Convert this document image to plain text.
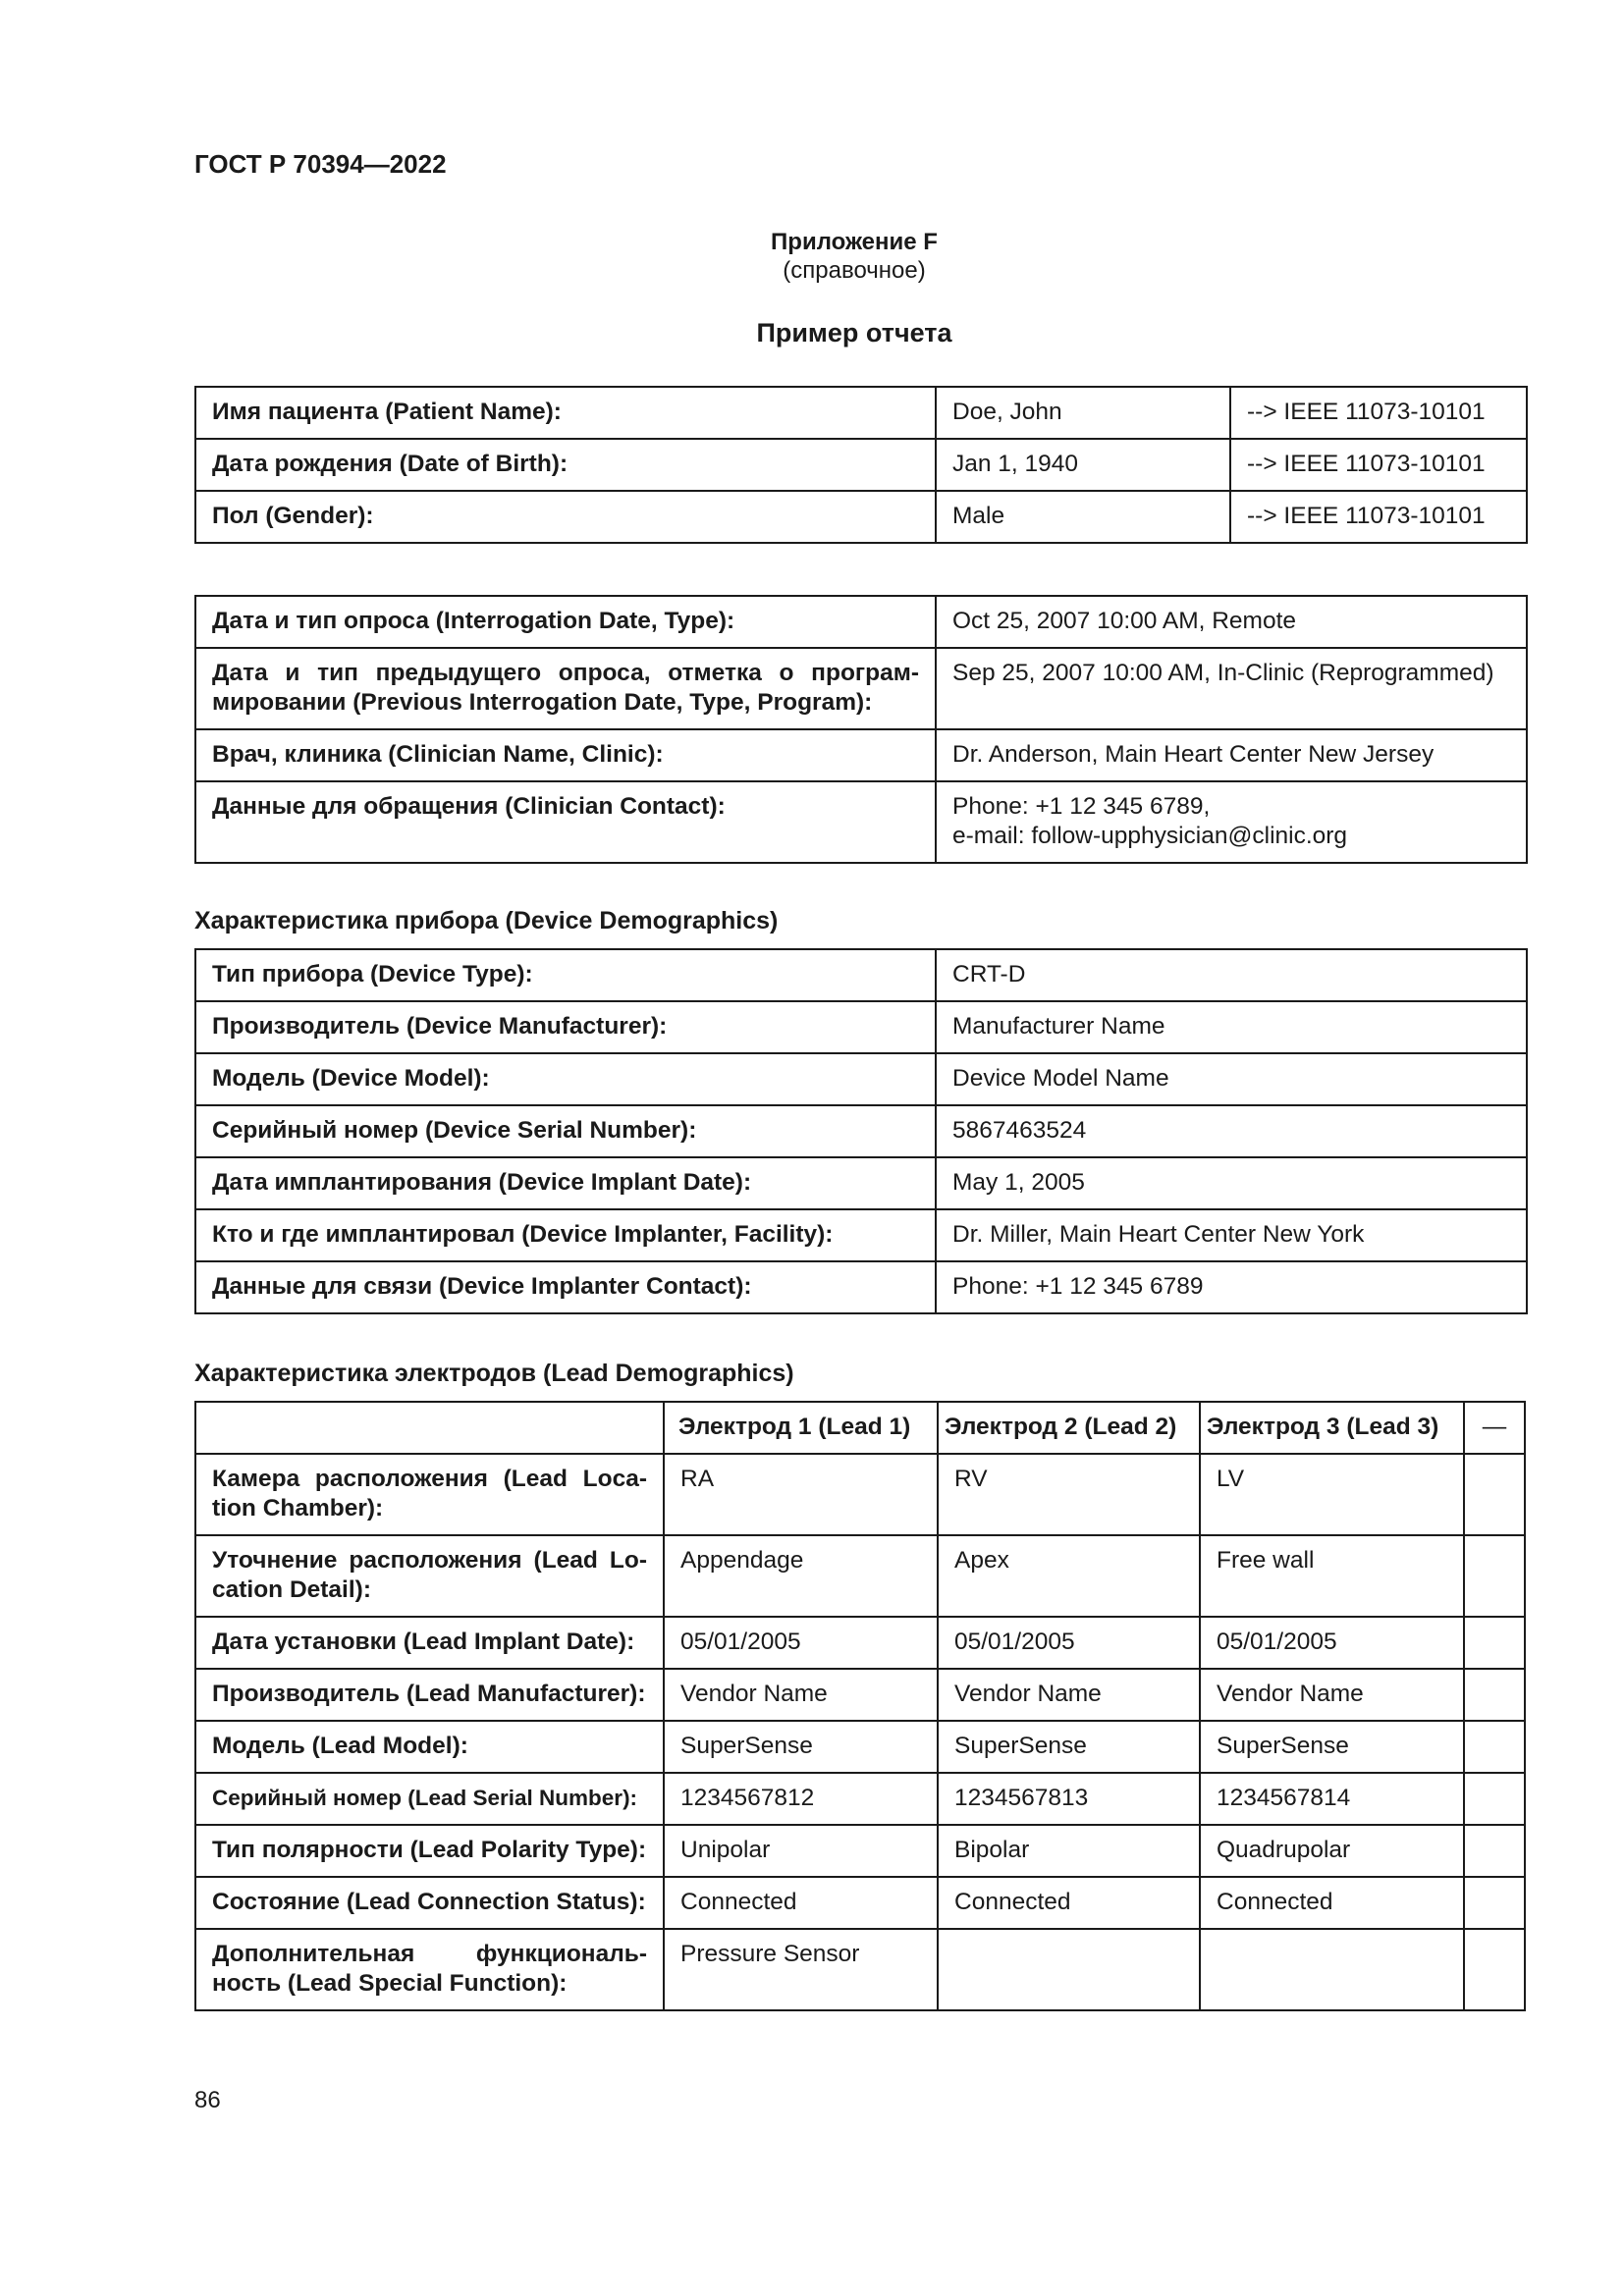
ГОСТ Р 70394—2022
Приложение F
(справочное)
Пример отчета
Имя пациента (Patient Name):	Doe, John	--> IEEE 11073-10101
Дата рождения (Date of Birth):	Jan 1, 1940	--> IEEE 11073-10101
Пол (Gender):	Male	--> IEEE 11073-10101
Дата и тип опроса (Interrogation Date, Type):	Oct 25, 2007 10:00 AM, Remote
Дата и тип предыдущего опроса, отметка о програм-мировании (Previous Interrogation Date, Type, Program):	Sep 25, 2007 10:00 AM, In-Clinic (Reprogrammed)
Врач, клиника (Clinician Name, Clinic):	Dr. Anderson, Main Heart Center New Jersey
Данные для обращения (Clinician Contact):	Phone: +1 12 345 6789,
e-mail: follow-upphysician@clinic.org
Характеристика прибора (Device Demographics)
Тип прибора (Device Type):	CRT-D
Производитель (Device Manufacturer):	Manufacturer Name
Модель (Device Model):	Device Model Name
Серийный номер (Device Serial Number):	5867463524
Дата имплантирования (Device Implant Date):	May 1, 2005
Кто и где имплантировал (Device Implanter, Facility):	Dr. Miller, Main Heart Center New York
Данные для связи (Device Implanter Contact):	Phone: +1 12 345 6789
Характеристика электродов (Lead Demographics)
	Электрод 1 (Lead 1)	Электрод 2 (Lead 2)	Электрод 3 (Lead 3)	—
Камера расположения (Lead Loca-tion Chamber):	RA	RV	LV	
Уточнение расположения (Lead Lo-cation Detail):	Appendage	Apex	Free wall	
Дата установки (Lead Implant Date):	05/01/2005	05/01/2005	05/01/2005	
Производитель (Lead Manufacturer):	Vendor Name	Vendor Name	Vendor Name	
Модель (Lead Model):	SuperSense	SuperSense	SuperSense	
Серийный номер (Lead Serial Number):	1234567812	1234567813	1234567814	
Тип полярности (Lead Polarity Type):	Unipolar	Bipolar	Quadrupolar	
Состояние (Lead Connection Status):	Connected	Connected	Connected	
Дополнительная функциональ-ность (Lead Special Function):	Pressure Sensor			
86
